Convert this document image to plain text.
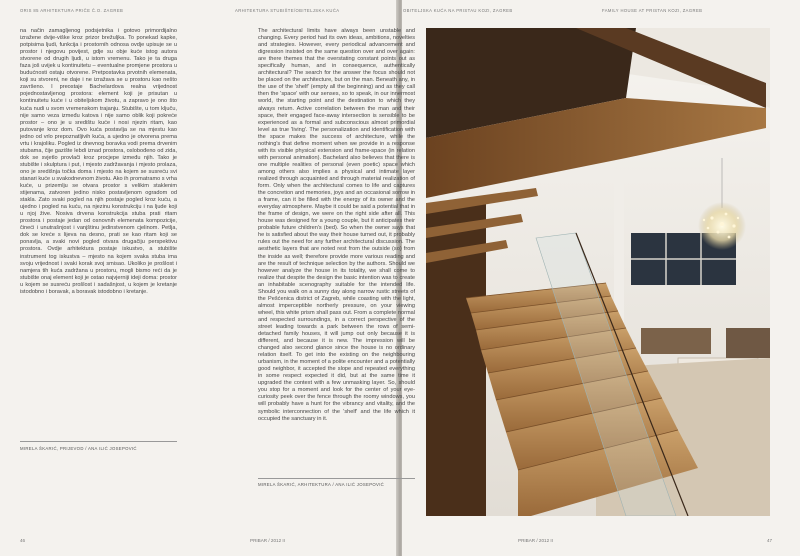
ORIS 85 ARHITEKTURA PRIČE Č.O. ZAGREB	ARHITEKTURA STUBIŠTE/OBITELJSKA KUĆA
na način zamagljenog podsjetnika i gotovo primordijalno izražene dvije-viške kroz prizor brežuljka. To ponekad kapke, potpisima ljudi, funkcija i prostornih odnosa ovdje upisuje se u prostor i njegovu povijest, gdje su obje kuće istog autora stvorene od drugih ljudi, u istom vremenu. Tako je ta druga faza još uvijek u kontinuitetu – eventualne promjene prostora u budućnosti ostaju otvorene. Pretpostavka prvotnih elemenata, koji su stvoreni, ne daje i ne izražava se u prostoru kao nešto završeno. I preostaje Bachelardova realna vrijednost pojednostavljenog prostora: element koji je prisutan u kontinuitetu kuće i u obiteljskom životu, a zapravo je ono što kuća nudi u svom vremenskom trajanju. Stubište, u tom ključu, nije samo veza između katova i nije samo oblik koji pokreće prostor – ono je u središtu kuće i nosi njezin ritam, kao putovanje kroz dom. Ovo kuća postavlja se na mjestu kao jedno od vrlo prepoznatljivih kuća, a ujedno je otvorena prema vrtu i krajoliku. Pogled iz dnevnog boravka vodi prema drvenim stubama, čije gazište lebdi iznad prostora, oslobođeno od zida, dok se svjetlo provlači kroz procjepe između njih. Tako je stubište i skulptura i put, i mjesto zadržavanja i mjesto prolaza, ono je središnja točka doma i mjesto na kojem se susreću svi stanari kuće u svakodnevnom životu. Ako ih promatramo s vrha kuće, u prizemlju se otvara prostor s velikim staklenim stijenama, zatvoren jedino nisko postavljenom ogradom od stakla. Zato svaki pogled na njih postaje pogled kroz kuću, a ujedno i pogled na kuću, na njezinu konstrukciju i na ljude koji u njoj žive. Nosiva drvena konstrukcija stuba prati ritam prostora i postaje jedan od osnovnih elemenata kompozicije, čineći i unutrašnjost i vanjštinu jedinstvenom cjelinom. Petlja, dok se kreće s lijeva na desno, prati se kao ritam koji se ponavlja, a svaki novi pogled otvara drugačiju perspektivu prostora. Ovdje arhitektura postaje iskustvo, a stubište instrument tog iskustva – mjesto na kojem svaka stuba ima svoju vrijednost i svaki korak svoj smisao. Ukoliko je prošlost i namjera tih kuća zadržana u prostoru, mogli bismo reći da je stubište onaj element koji je ostao najvjerniji ideji doma: prostor u kojem se susreću prošlost i sadašnjost, u kojem je kretanje istodobno i boravak, a boravak istodobno i kretanje.
MIRELA ŠKARIĆ, PRIJEVOD / ANA ILIĆ JOSEPOVIĆ
46	PRIBAR / 2012 II
OBITELJSKA KUĆA NA PRISTAU KOZI, ZAGREB	FAMILY HOUSE AT PRISTAN KOZI, ZAGREB
PRIBAR / 2012 II	47
The architectural limits have always been unstable and changing. Every period had its own ideas, ambitions, novelties and strategies. However, every periodical advancement and digression insisted on the same question over and over again: are there themes that the overstating constant points out as specifically human, and in consequence, authentically architectural? The search for the answer the focus should not be placed on the architecture, but on the man. Beneath any, in the use of the 'shelf' (empty all the beginning) and as they call then the 'space' with our senses, so to speak, in our innermost world, the starting point and the destination to which they always return. Active correlation between the man and their space, their engaged face-away intersection is sensible to be experienced as a formal and subconscious almost primordial level as true 'living'. The personalization and identification with the space makes the success of architecture, while the nothing's that define moment when we provide in a response with its visible physical extension and frame-space (in relation with personal animation). Bachelard also believes that there is one multiple realities of personal (even poetic) space which among others also implies a physical and intimate layer realized through acquainted and through material realization of form. Only when the architectural comes to life and captures the concretion and memories, joys and an occasional sorrow in a frame, can it be filled with the energy of its owner and the everyday atmosphere. Maybe it could be said a potential that in the frame of design, we were on the right side after all. This house was designed for a young couple, but it anticipates their probable future children's (bed). So when the owner says that he is satisfied about the way their house turned out, it probably rules out the need for any further architectural discussion. The aesthetic layers that are noted rest from the outside (so) from the inside as well; therefore provide more various reading and are the result of technique selection by the authors. Should we however analyze the house in its totality, we shall come to realize that despite the design the basic intention was to create an inhabitable scenography suitable for the intended life. Should you walk on a sunny day along narrow rustic streets of the Pešćenica district of Zagreb, while coasting with the light, almost imperceptible northerly pressure, on your viewing wheel, this white prism shall pass out. From a complete normal and respected surroundings, in a correct perspective of the street leading towards a park between the rows of semi-detached family houses, it will jump out only because it is different, and because it is new. The impression will be changed also second glance since the house is no ordinary relation itself. To get into the existing on the neighbouring urbanism, in the moment of a polite encounter and a potentially good neighbor, it accepted the slope and repeated everything in some respect expected it did, but at the same time it upgraded the context with a few unmasking layer. So, should you stop for a moment and look for the center of your eye-curiosity peek over the fence through the roomy windows, you will probably have a hunt for the vibrancy and vitality, and the symbolic interconnection of the 'shelf' and the life which it occupied the sanctuary in it.
MIRELA ŠKARIĆ, ARHITEKTURA / ANA ILIĆ JOSEPOVIĆ
